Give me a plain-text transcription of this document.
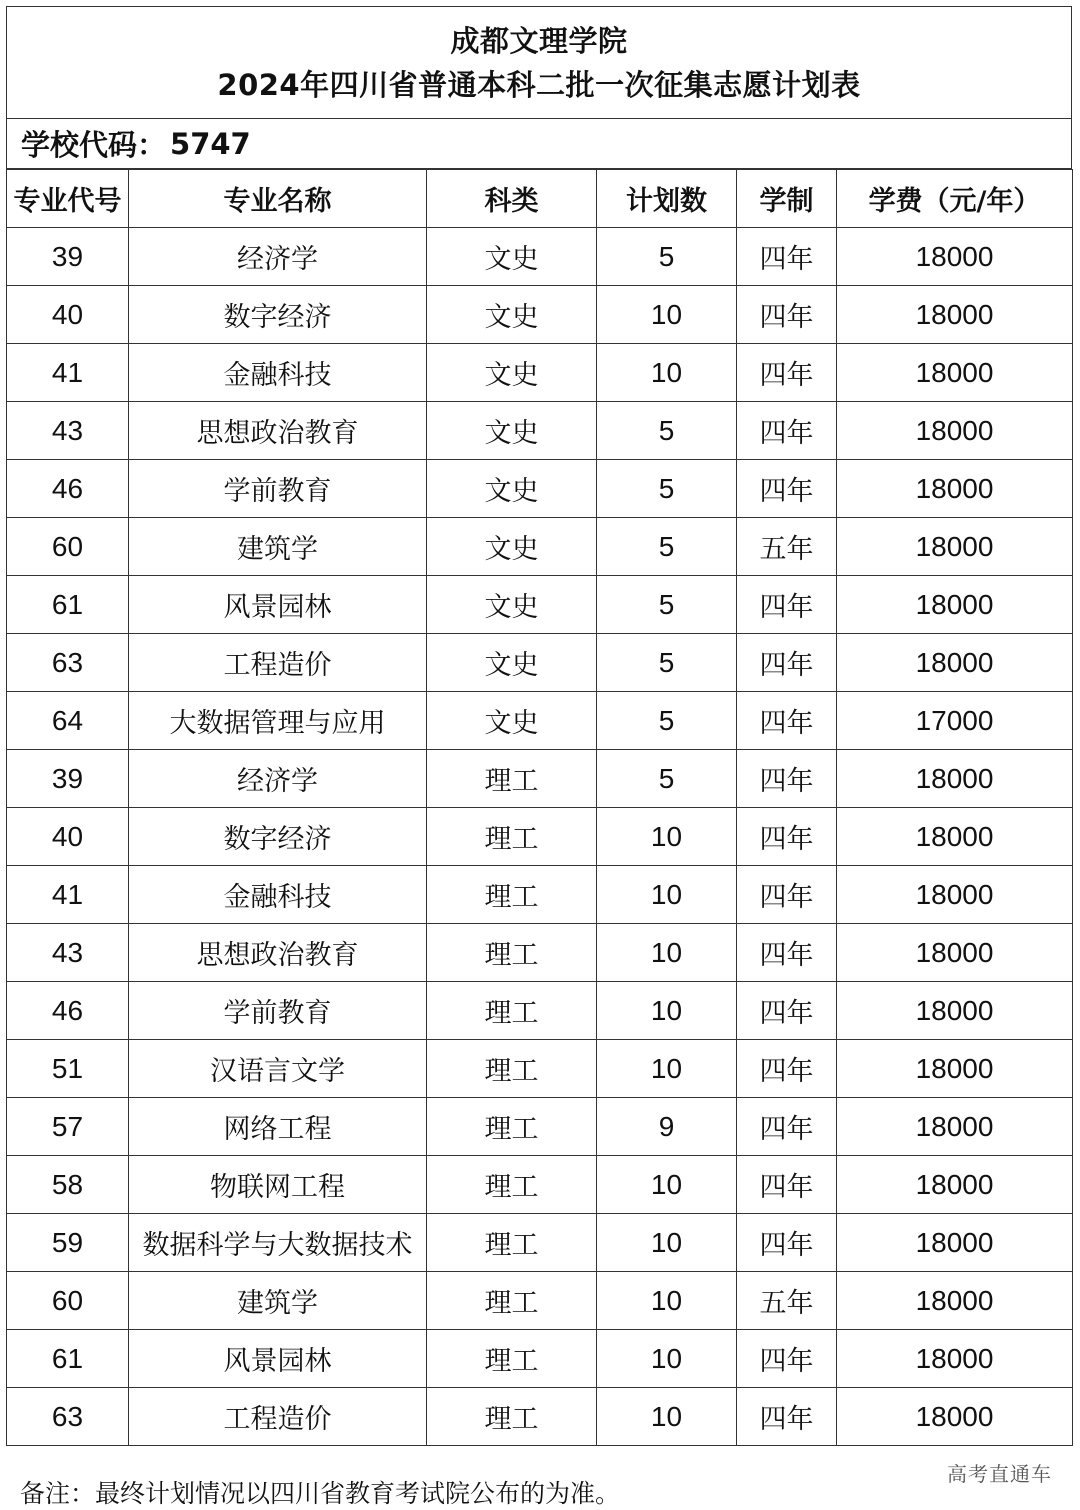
成都文理学院
2024年四川省普通本科二批一次征集志愿计划表
学校代码： 5747
专业代号	专业名称	科类	计划数	学制	学费（元/年）
39	经济学	文史	5	四年	18000
40	数字经济	文史	10	四年	18000
41	金融科技	文史	10	四年	18000
43	思想政治教育	文史	5	四年	18000
46	学前教育	文史	5	四年	18000
60	建筑学	文史	5	五年	18000
61	风景园林	文史	5	四年	18000
63	工程造价	文史	5	四年	18000
64	大数据管理与应用	文史	5	四年	17000
39	经济学	理工	5	四年	18000
40	数字经济	理工	10	四年	18000
41	金融科技	理工	10	四年	18000
43	思想政治教育	理工	10	四年	18000
46	学前教育	理工	10	四年	18000
51	汉语言文学	理工	10	四年	18000
57	网络工程	理工	9	四年	18000
58	物联网工程	理工	10	四年	18000
59	数据科学与大数据技术	理工	10	四年	18000
60	建筑学	理工	10	五年	18000
61	风景园林	理工	10	四年	18000
63	工程造价	理工	10	四年	18000
备注：最终计划情况以四川省教育考试院公布的为准。
高考直通车
